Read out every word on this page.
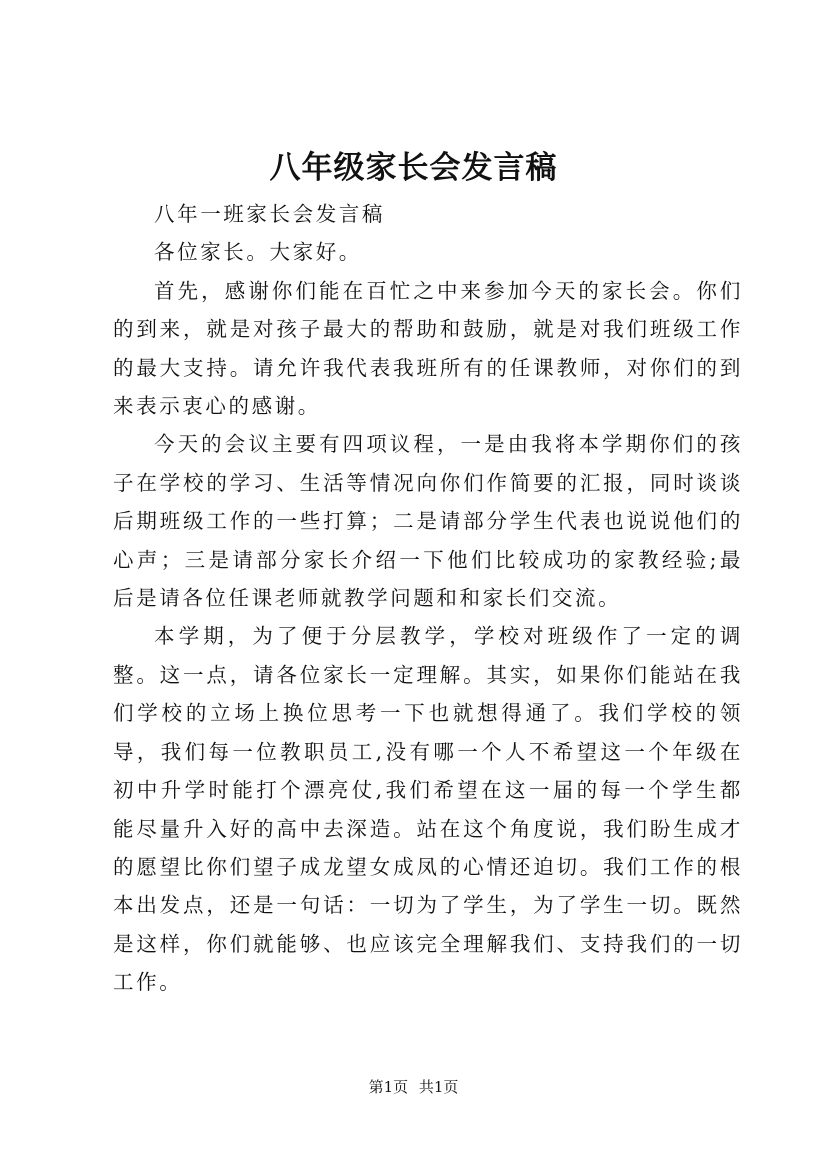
八年级家长会发言稿

八年一班家长会发言稿

各位家长。大家好。

首先，感谢你们能在百忙之中来参加今天的家长会。你们的到来，就是对孩子最大的帮助和鼓励，就是对我们班级工作的最大支持。请允许我代表我班所有的任课教师，对你们的到来表示衷心的感谢。

今天的会议主要有四项议程，一是由我将本学期你们的孩子在学校的学习、生活等情况向你们作简要的汇报，同时谈谈后期班级工作的一些打算；二是请部分学生代表也说说他们的心声；三是请部分家长介绍一下他们比较成功的家教经验;最后是请各位任课老师就教学问题和和家长们交流。

本学期，为了便于分层教学，学校对班级作了一定的调整。这一点，请各位家长一定理解。其实，如果你们能站在我们学校的立场上换位思考一下也就想得通了。我们学校的领导，我们每一位教职员工,没有哪一个人不希望这一个年级在初中升学时能打个漂亮仗,我们希望在这一届的每一个学生都能尽量升入好的高中去深造。站在这个角度说，我们盼生成才的愿望比你们望子成龙望女成凤的心情还迫切。我们工作的根本出发点，还是一句话：一切为了学生，为了学生一切。既然是这样，你们就能够、也应该完全理解我们、支持我们的一切工作。

第1页 共1页
